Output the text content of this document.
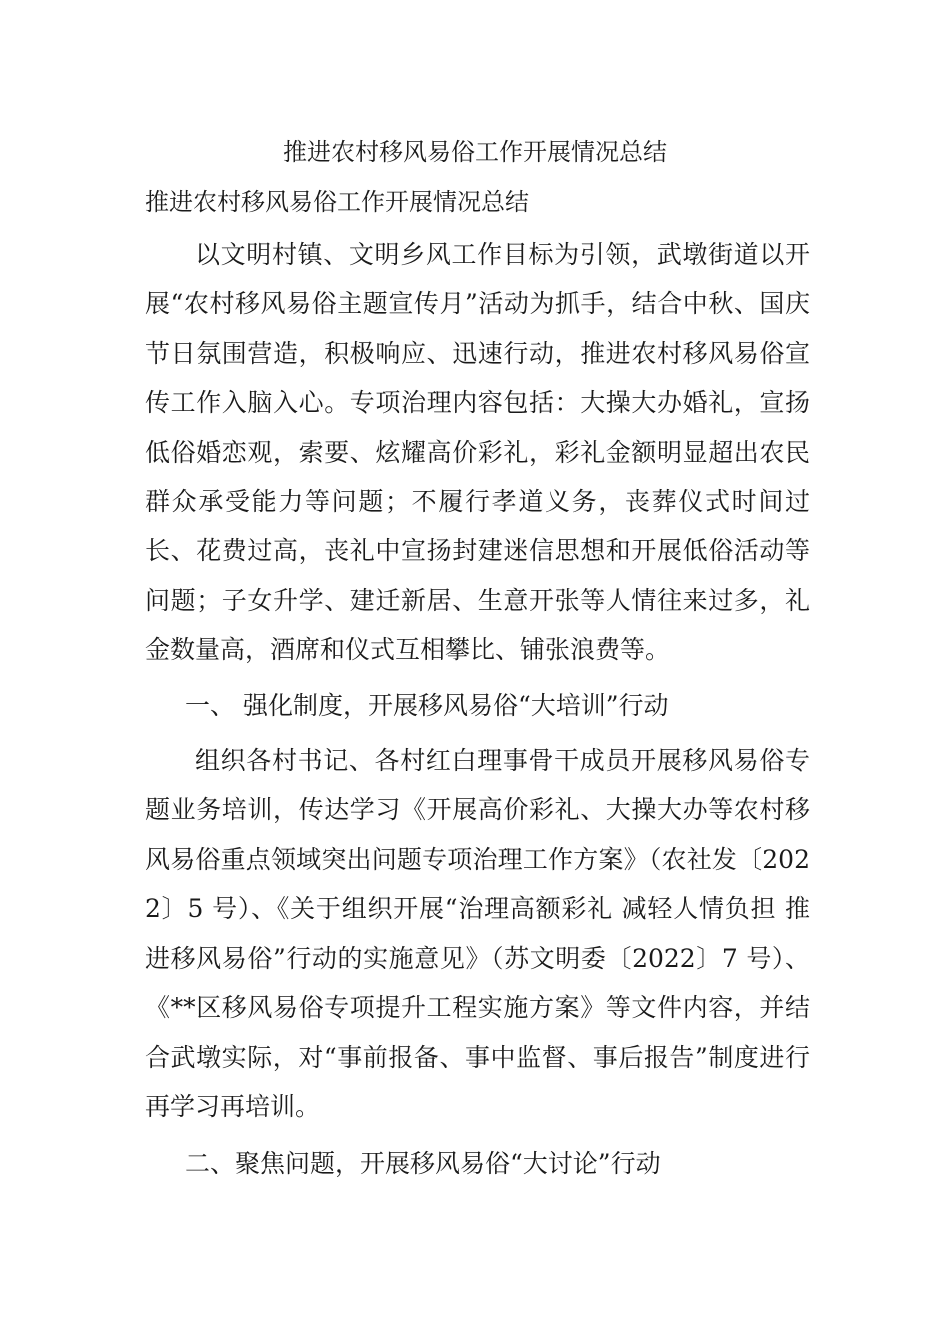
推进农村移风易俗工作开展情况总结

推进农村移风易俗工作开展情况总结

以文明村镇、文明乡风工作目标为引领，武墩街道以开展“农村移风易俗主题宣传月”活动为抓手，结合中秋、国庆节日氛围营造，积极响应、迅速行动，推进农村移风易俗宣传工作入脑入心。专项治理内容包括：大操大办婚礼，宣扬低俗婚恋观，索要、炫耀高价彩礼，彩礼金额明显超出农民群众承受能力等问题；不履行孝道义务，丧葬仪式时间过长、花费过高，丧礼中宣扬封建迷信思想和开展低俗活动等问题；子女升学、建迁新居、生意开张等人情往来过多，礼金数量高，酒席和仪式互相攀比、铺张浪费等。

一、 强化制度，开展移风易俗“大培训”行动

组织各村书记、各村红白理事骨干成员开展移风易俗专题业务培训，传达学习《开展高价彩礼、大操大办等农村移风易俗重点领域突出问题专项治理工作方案》（农社发〔2022〕5 号）、《关于组织开展“治理高额彩礼 减轻人情负担 推进移风易俗”行动的实施意见》（苏文明委〔2022〕7 号）、《**区移风易俗专项提升工程实施方案》等文件内容，并结合武墩实际，对“事前报备、事中监督、事后报告”制度进行再学习再培训。

二、聚焦问题，开展移风易俗“大讨论”行动
